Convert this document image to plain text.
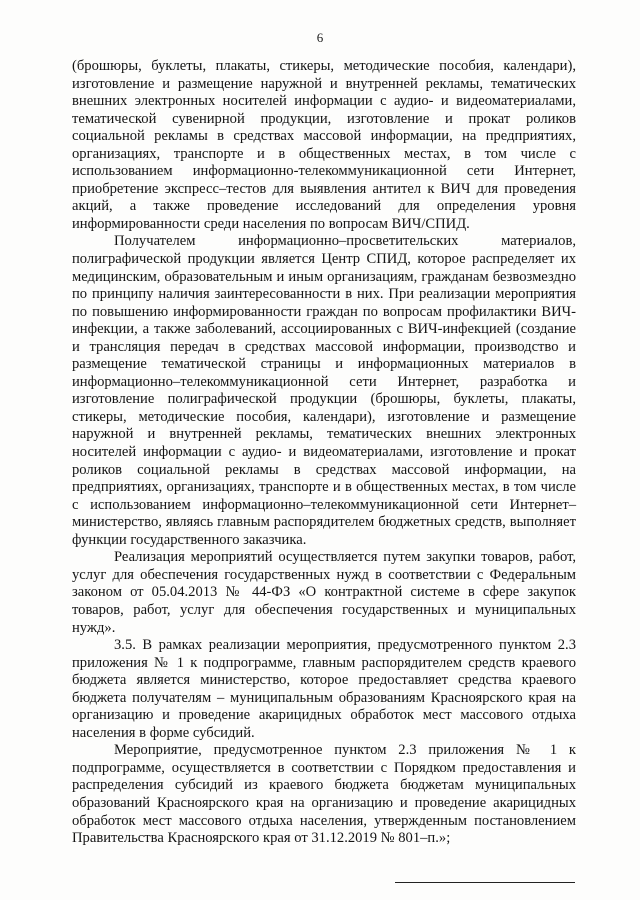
6

(брошюры, буклеты, плакаты, стикеры, методические пособия, календари), изготовление и размещение наружной и внутренней рекламы, тематических внешних электронных носителей информации с аудио- и видеоматериалами, тематической сувенирной продукции, изготовление и прокат роликов социальной рекламы в средствах массовой информации, на предприятиях, организациях, транспорте и в общественных местах, в том числе с использованием информационно-телекоммуникационной сети Интернет, приобретение экспресс–тестов для выявления антител к ВИЧ для проведения акций, а также проведение исследований для определения уровня информированности среди населения по вопросам ВИЧ/СПИД.

Получателем информационно–просветительских материалов, полиграфической продукции является Центр СПИД, которое распределяет их медицинским, образовательным и иным организациям, гражданам безвозмездно по принципу наличия заинтересованности в них. При реализации мероприятия по повышению информированности граждан по вопросам профилактики ВИЧ-инфекции, а также заболеваний, ассоциированных с ВИЧ-инфекцией (создание и трансляция передач в средствах массовой информации, производство и размещение тематической страницы и информационных материалов в информационно–телекоммуникационной сети Интернет, разработка и изготовление полиграфической продукции (брошюры, буклеты, плакаты, стикеры, методические пособия, календари), изготовление и размещение наружной и внутренней рекламы, тематических внешних электронных носителей информации с аудио- и видеоматериалами, изготовление и прокат роликов социальной рекламы в средствах массовой информации, на предприятиях, организациях, транспорте и в общественных местах, в том числе с использованием информационно–телекоммуникационной сети Интернет–министерство, являясь главным распорядителем бюджетных средств, выполняет функции государственного заказчика.

Реализация мероприятий осуществляется путем закупки товаров, работ, услуг для обеспечения государственных нужд в соответствии с Федеральным законом от 05.04.2013 № 44-ФЗ «О контрактной системе в сфере закупок товаров, работ, услуг для обеспечения государственных и муниципальных нужд».

3.5. В рамках реализации мероприятия, предусмотренного пунктом 2.3 приложения № 1 к подпрограмме, главным распорядителем средств краевого бюджета является министерство, которое предоставляет средства краевого бюджета получателям – муниципальным образованиям Красноярского края на организацию и проведение акарицидных обработок мест массового отдыха населения в форме субсидий.

Мероприятие, предусмотренное пунктом 2.3 приложения № 1 к подпрограмме, осуществляется в соответствии с Порядком предоставления и распределения субсидий из краевого бюджета бюджетам муниципальных образований Красноярского края на организацию и проведение акарицидных обработок мест массового отдыха населения, утвержденным постановлением Правительства Красноярского края от 31.12.2019 № 801–п.»;
